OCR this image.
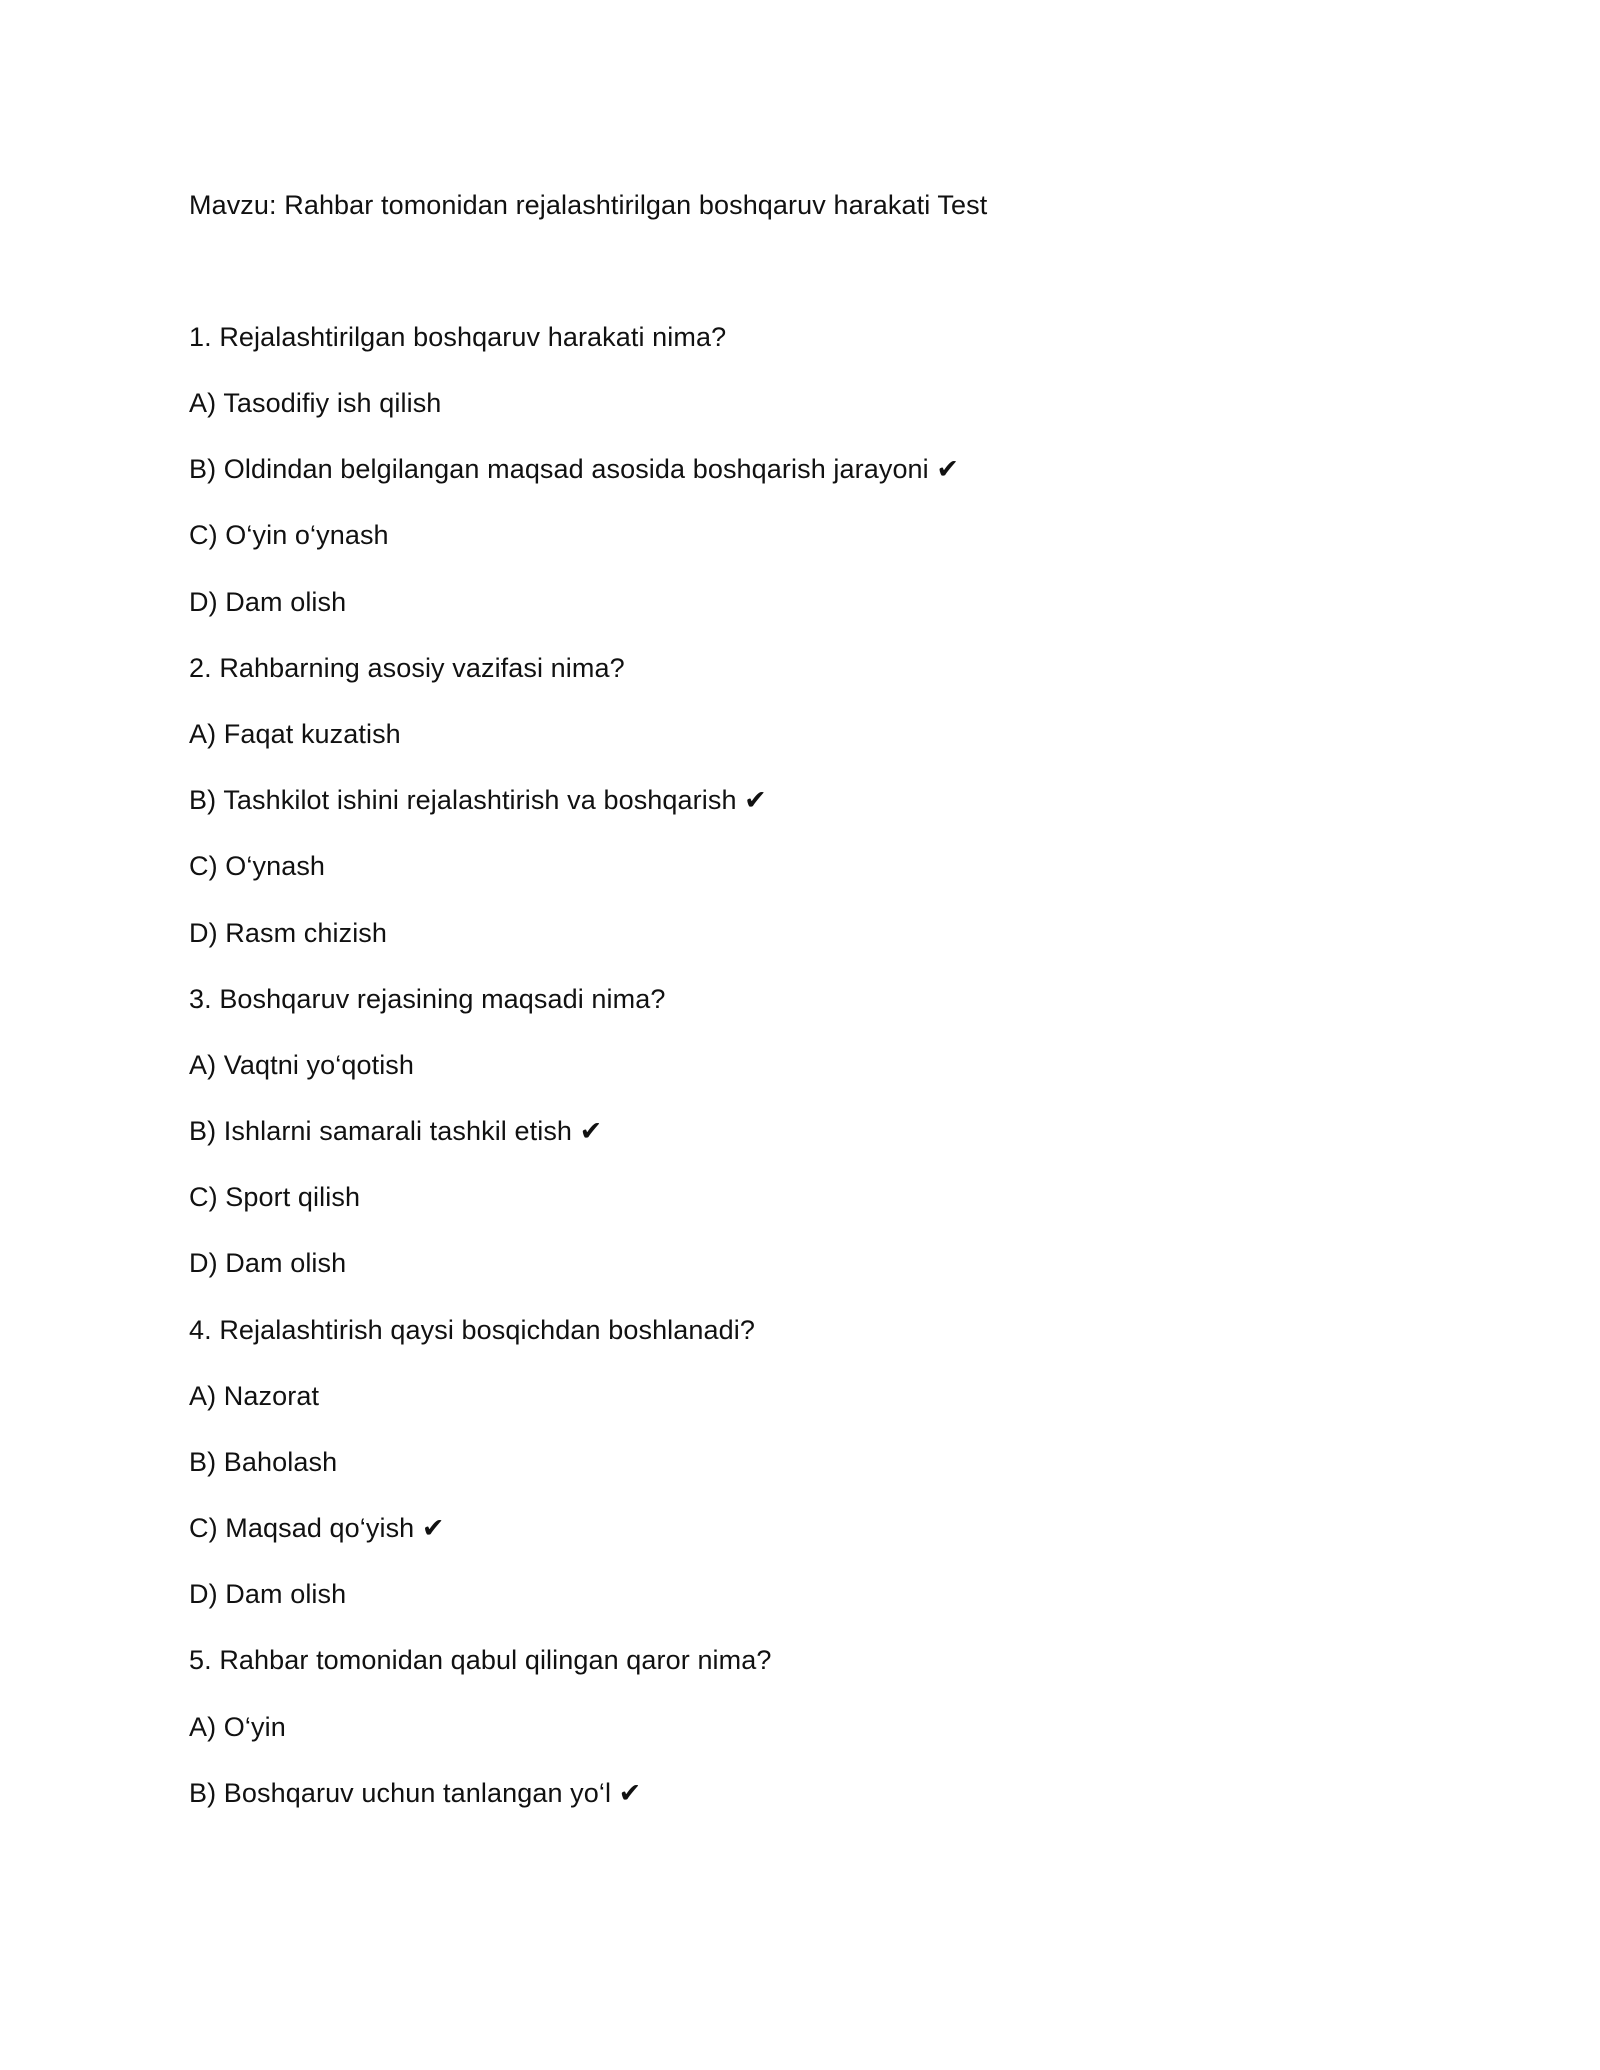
Mavzu: Rahbar tomonidan rejalashtirilgan boshqaruv harakati Test
1. Rejalashtirilgan boshqaruv harakati nima?
A) Tasodifiy ish qilish
B) Oldindan belgilangan maqsad asosida boshqarish jarayoni ✔
C) O‘yin o‘ynash
D) Dam olish
2. Rahbarning asosiy vazifasi nima?
A) Faqat kuzatish
B) Tashkilot ishini rejalashtirish va boshqarish ✔
C) O‘ynash
D) Rasm chizish
3. Boshqaruv rejasining maqsadi nima?
A) Vaqtni yo‘qotish
B) Ishlarni samarali tashkil etish ✔
C) Sport qilish
D) Dam olish
4. Rejalashtirish qaysi bosqichdan boshlanadi?
A) Nazorat
B) Baholash
C) Maqsad qo‘yish ✔
D) Dam olish
5. Rahbar tomonidan qabul qilingan qaror nima?
A) O‘yin
B) Boshqaruv uchun tanlangan yo‘l ✔
